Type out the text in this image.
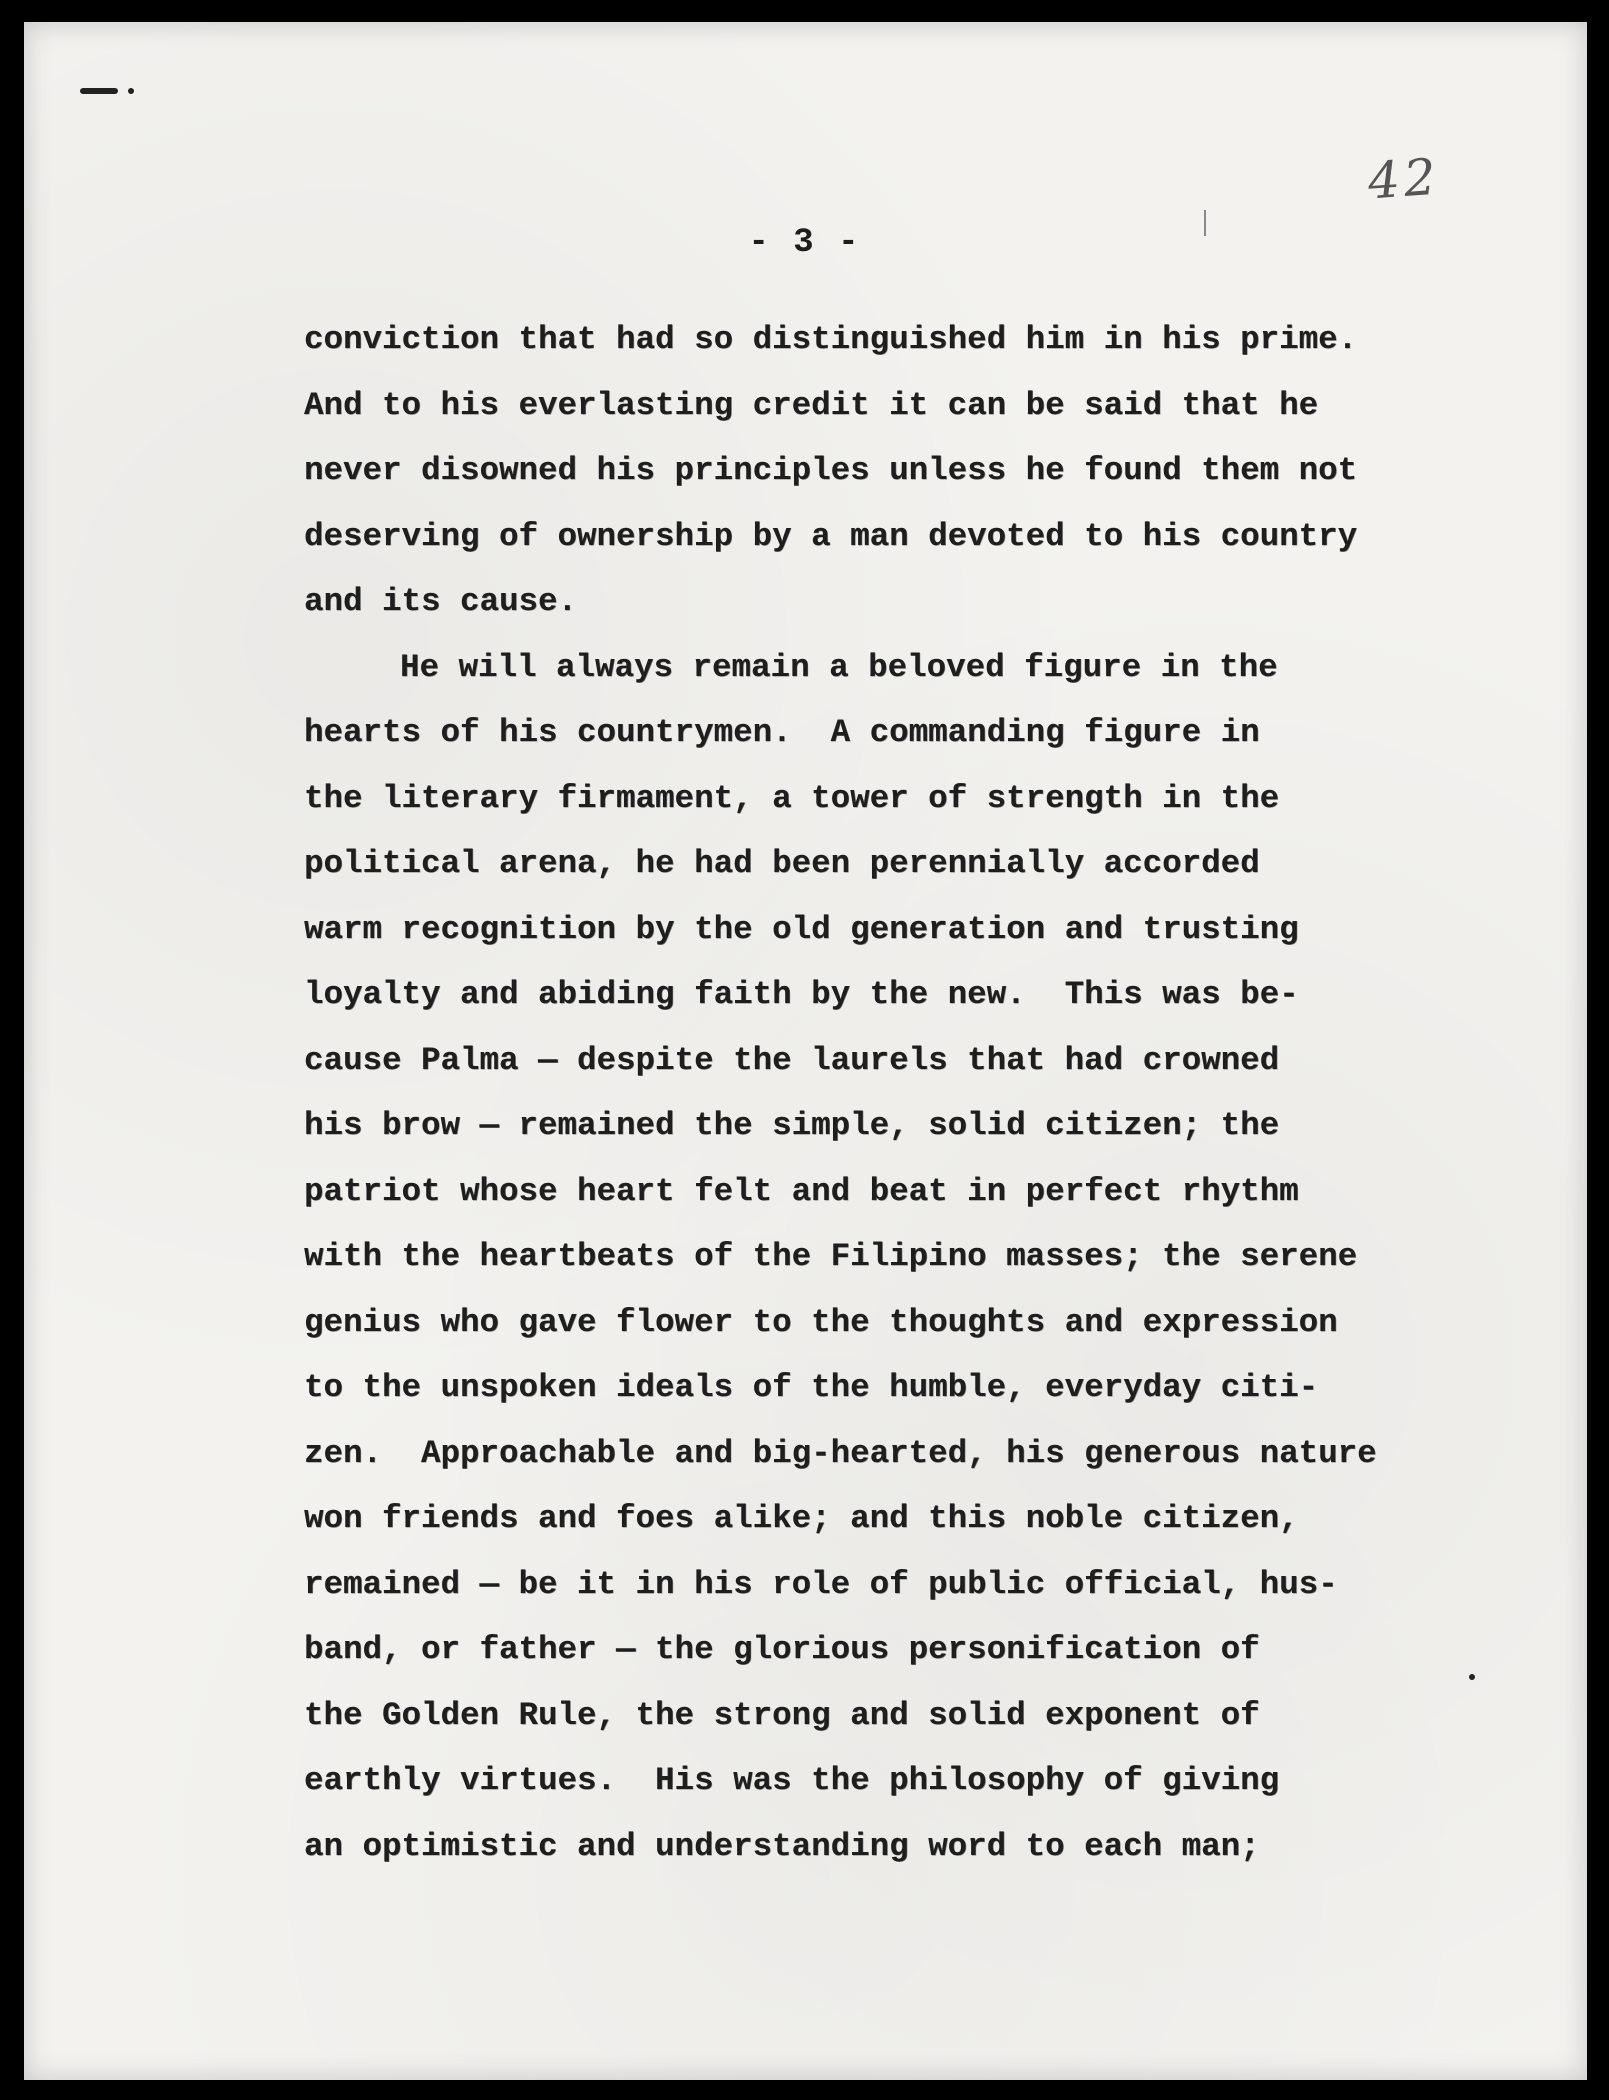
42
- 3 -
conviction that had so distinguished him in his prime.
And to his everlasting credit it can be said that he
never disowned his principles unless he found them not
deserving of ownership by a man devoted to his country
and its cause.
He will always remain a beloved figure in the
hearts of his countrymen.  A commanding figure in
the literary firmament, a tower of strength in the
political arena, he had been perennially accorded
warm recognition by the old generation and trusting
loyalty and abiding faith by the new.  This was be-
cause Palma — despite the laurels that had crowned
his brow — remained the simple, solid citizen; the
patriot whose heart felt and beat in perfect rhythm
with the heartbeats of the Filipino masses; the serene
genius who gave flower to the thoughts and expression
to the unspoken ideals of the humble, everyday citi-
zen.  Approachable and big-hearted, his generous nature
won friends and foes alike; and this noble citizen,
remained — be it in his role of public official, hus-
band, or father — the glorious personification of
the Golden Rule, the strong and solid exponent of
earthly virtues.  His was the philosophy of giving
an optimistic and understanding word to each man;
